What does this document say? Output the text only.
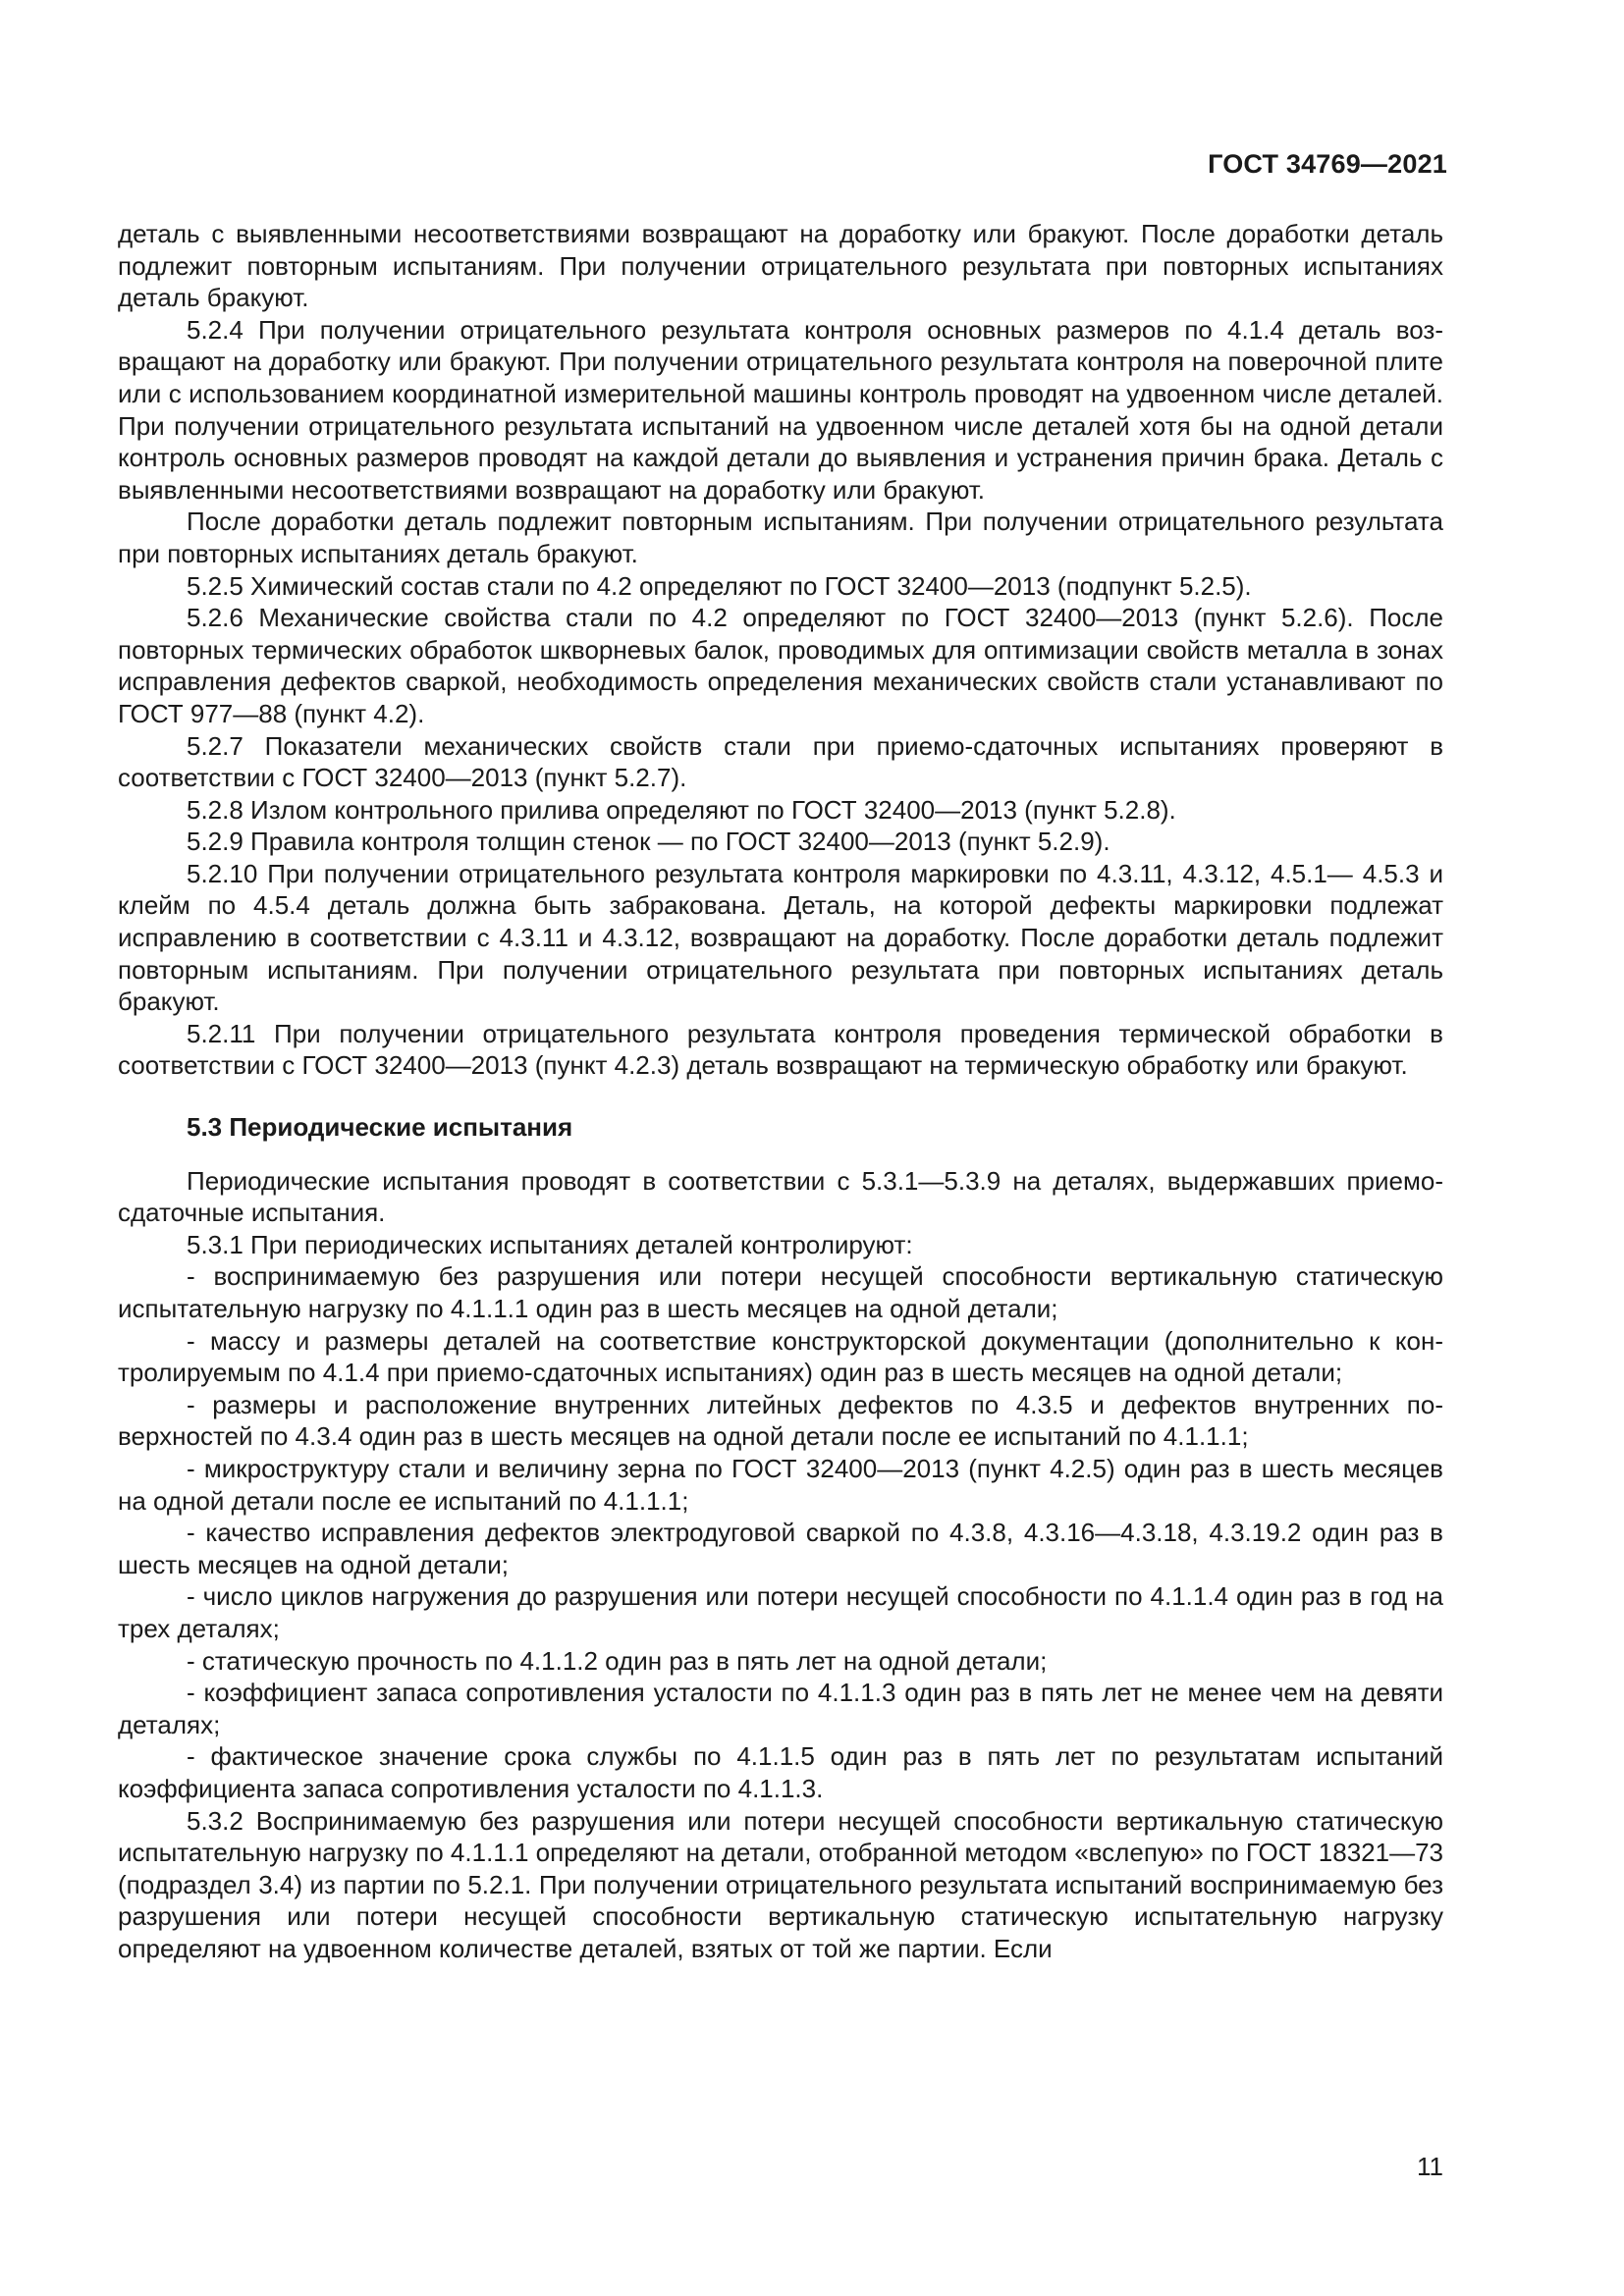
ГОСТ 34769—2021

деталь с выявленными несоответствиями возвращают на доработку или бракуют. После доработки деталь подлежит повторным испытаниям. При получении отрицательного результата при повторных испытаниях деталь бракуют.

5.2.4 При получении отрицательного результата контроля основных размеров по 4.1.4 деталь возвращают на доработку или бракуют. При получении отрицательного результата контроля на поверочной плите или с использованием координатной измерительной машины контроль проводят на удвоенном числе деталей. При получении отрицательного результата испытаний на удвоенном числе деталей хотя бы на одной детали контроль основных размеров проводят на каждой детали до выявления и устранения причин брака. Деталь с выявленными несоответствиями возвращают на доработку или бракуют.

После доработки деталь подлежит повторным испытаниям. При получении отрицательного результата при повторных испытаниях деталь бракуют.

5.2.5 Химический состав стали по 4.2 определяют по ГОСТ 32400—2013 (подпункт 5.2.5).

5.2.6 Механические свойства стали по 4.2 определяют по ГОСТ 32400—2013 (пункт 5.2.6). После повторных термических обработок шкворневых балок, проводимых для оптимизации свойств металла в зонах исправления дефектов сваркой, необходимость определения механических свойств стали устанавливают по ГОСТ 977—88 (пункт 4.2).

5.2.7 Показатели механических свойств стали при приемо-сдаточных испытаниях проверяют в соответствии с ГОСТ 32400—2013 (пункт 5.2.7).

5.2.8 Излом контрольного прилива определяют по ГОСТ 32400—2013 (пункт 5.2.8).

5.2.9 Правила контроля толщин стенок — по ГОСТ 32400—2013 (пункт 5.2.9).

5.2.10 При получении отрицательного результата контроля маркировки по 4.3.11, 4.3.12, 4.5.1— 4.5.3 и клейм по 4.5.4 деталь должна быть забракована. Деталь, на которой дефекты маркировки подлежат исправлению в соответствии с 4.3.11 и 4.3.12, возвращают на доработку. После доработки деталь подлежит повторным испытаниям. При получении отрицательного результата при повторных испытаниях деталь бракуют.

5.2.11 При получении отрицательного результата контроля проведения термической обработки в соответствии с ГОСТ 32400—2013 (пункт 4.2.3) деталь возвращают на термическую обработку или бракуют.

5.3 Периодические испытания

Периодические испытания проводят в соответствии с 5.3.1—5.3.9 на деталях, выдержавших приемо-сдаточные испытания.

5.3.1 При периодических испытаниях деталей контролируют:

- воспринимаемую без разрушения или потери несущей способности вертикальную статическую испытательную нагрузку по 4.1.1.1 один раз в шесть месяцев на одной детали;

- массу и размеры деталей на соответствие конструкторской документации (дополнительно к контролируемым по 4.1.4 при приемо-сдаточных испытаниях) один раз в шесть месяцев на одной детали;

- размеры и расположение внутренних литейных дефектов по 4.3.5 и дефектов внутренних поверхностей по 4.3.4 один раз в шесть месяцев на одной детали после ее испытаний по 4.1.1.1;

- микроструктуру стали и величину зерна по ГОСТ 32400—2013 (пункт 4.2.5) один раз в шесть месяцев на одной детали после ее испытаний по 4.1.1.1;

- качество исправления дефектов электродуговой сваркой по 4.3.8, 4.3.16—4.3.18, 4.3.19.2 один раз в шесть месяцев на одной детали;

- число циклов нагружения до разрушения или потери несущей способности по 4.1.1.4 один раз в год на трех деталях;

- статическую прочность по 4.1.1.2 один раз в пять лет на одной детали;

- коэффициент запаса сопротивления усталости по 4.1.1.3 один раз в пять лет не менее чем на девяти деталях;

- фактическое значение срока службы по 4.1.1.5 один раз в пять лет по результатам испытаний коэффициента запаса сопротивления усталости по 4.1.1.3.

5.3.2 Воспринимаемую без разрушения или потери несущей способности вертикальную статическую испытательную нагрузку по 4.1.1.1 определяют на детали, отобранной методом «вслепую» по ГОСТ 18321—73 (подраздел 3.4) из партии по 5.2.1. При получении отрицательного результата испытаний воспринимаемую без разрушения или потери несущей способности вертикальную статическую испытательную нагрузку определяют на удвоенном количестве деталей, взятых от той же партии. Если

11
